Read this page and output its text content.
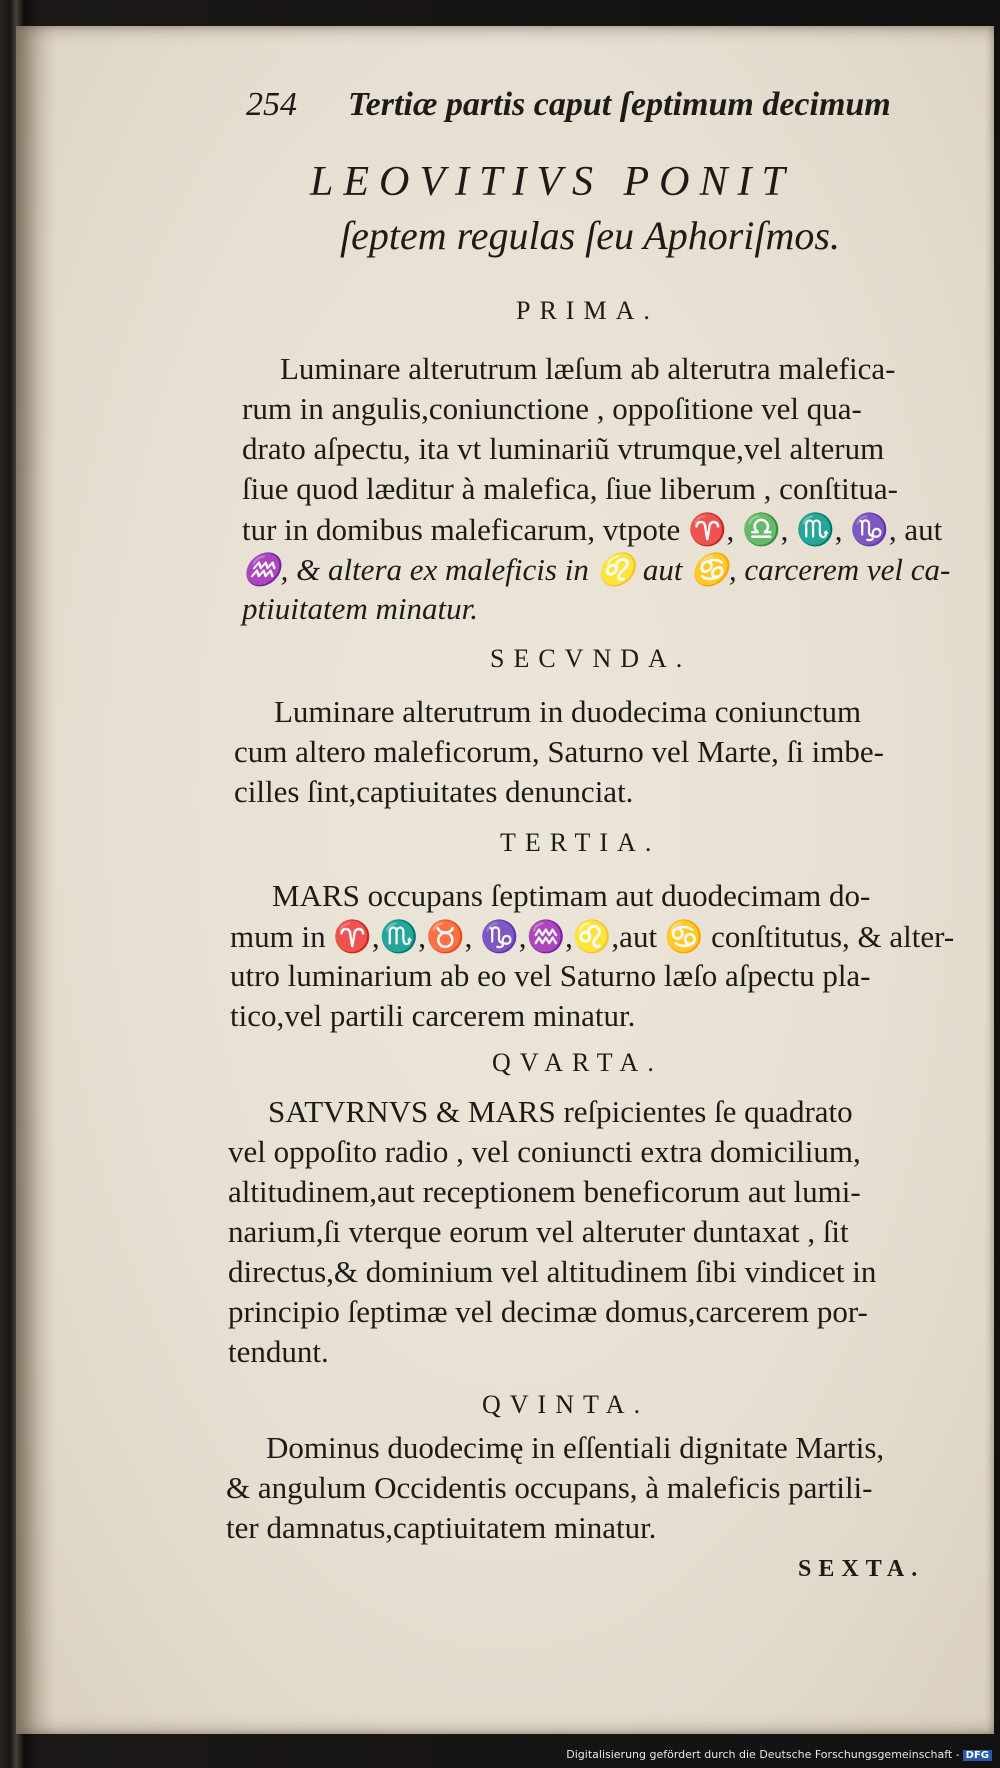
254 Tertiæ partis caput ſeptimum decimum
LEOVITIVS PONIT
ſeptem regulas ſeu Aphoriſmos.
PRIMA.
Luminare alterutrum læſum ab alterutra malefica-
rum in angulis,coniunctione , oppoſitione vel qua-
drato aſpectu, ita vt luminariũ vtrumque,vel alterum
ſiue quod læditur à malefica, ſiue liberum , conſtitua-
tur in domibus maleficarum, vtpote ♈, ♎, ♏, ♑, aut
♒, & altera ex maleficis in ♌ aut ♋, carcerem vel ca-
ptiuitatem minatur.
SECVNDA.
Luminare alterutrum in duodecima coniunctum
cum altero maleficorum, Saturno vel Marte, ſi imbe-
cilles ſint,captiuitates denunciat.
TERTIA.
MARS occupans ſeptimam aut duodecimam do-
mum in ♈,♏,♉, ♑,♒,♌,aut ♋ conſtitutus, & alter-
utro luminarium ab eo vel Saturno læſo aſpectu pla-
tico,vel partili carcerem minatur.
QVARTA.
SATVRNVS & MARS reſpicientes ſe quadrato
vel oppoſito radio , vel coniuncti extra domicilium,
altitudinem,aut receptionem beneficorum aut lumi-
narium,ſi vterque eorum vel alteruter duntaxat , ſit
directus,& dominium vel altitudinem ſibi vindicet in
principio ſeptimæ vel decimæ domus,carcerem por-
tendunt.
QVINTA.
Dominus duodecimę in eſſentiali dignitate Martis,
& angulum Occidentis occupans, à maleficis partili-
ter damnatus,captiuitatem minatur.
SEXTA.
Digitalisierung gefördert durch die Deutsche Forschungsgemeinschaft - DFG
